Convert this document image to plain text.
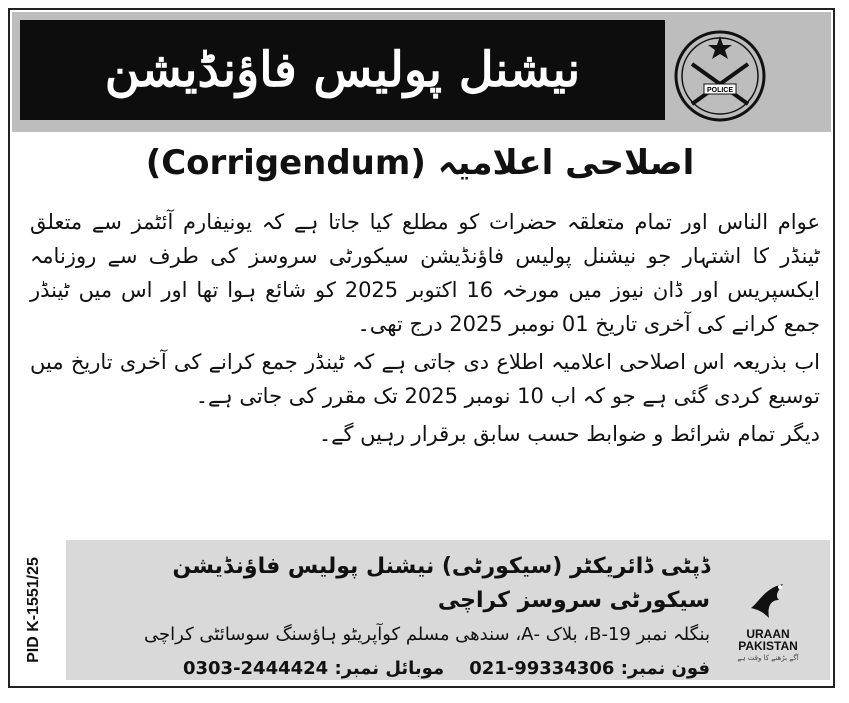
نیشنل پولیس فاؤنڈیشن	POLICE
اصلاحی اعلامیہ (Corrigendum)

عوام الناس اور تمام متعلقہ حضرات کو مطلع کیا جاتا ہے کہ یونیفارم آئٹمز سے متعلق ٹینڈر کا اشتہار جو نیشنل پولیس فاؤنڈیشن سیکورٹی سروسز کی طرف سے روزنامہ ایکسپریس اور ڈان نیوز میں مورخہ 16 اکتوبر 2025 کو شائع ہوا تھا اور اس میں ٹینڈر جمع کرانے کی آخری تاریخ 01 نومبر 2025 درج تھی۔

اب بذریعہ اس اصلاحی اعلامیہ اطلاع دی جاتی ہے کہ ٹینڈر جمع کرانے کی آخری تاریخ میں توسیع کردی گئی ہے جو کہ اب 10 نومبر 2025 تک مقرر کی جاتی ہے۔

دیگر تمام شرائط و ضوابط حسب سابق برقرار رہیں گے۔

PID K-1551/25	ڈپٹی ڈائریکٹر (سیکورٹی) نیشنل پولیس فاؤنڈیشن سیکورٹی سروسز کراچی
بنگلہ نمبر 19-B، بلاک -A، سندھی مسلم کوآپریٹو ہاؤسنگ سوسائٹی کراچی
فون نمبر: 021-99334306    موبائل نمبر: 0303-2444424

URAAN

PAKISTAN

آگے بڑھنے کا وقت ہے
